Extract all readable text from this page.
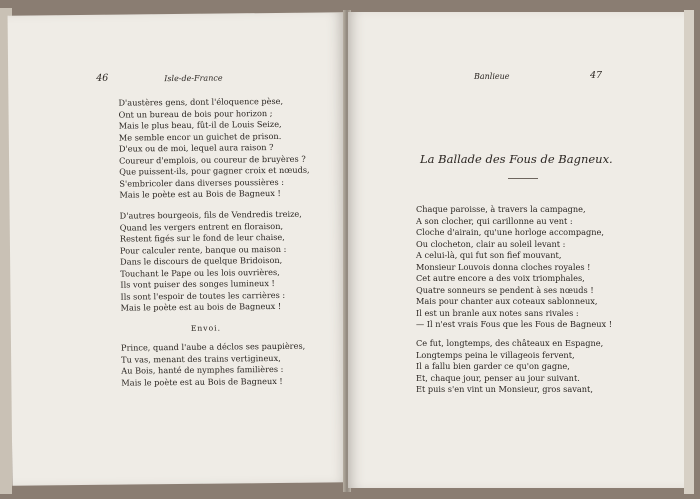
46	Isle-de-France
D'austères gens, dont l'éloquence pèse,
Ont un bureau de bois pour horizon ;
Mais le plus beau, fût-il de Louis Seize,
Me semble encor un guichet de prison.
D'eux ou de moi, lequel aura raison ?
Coureur d'emplois, ou coureur de bruyères ?
Que puissent-ils, pour gagner croix et nœuds,
S'embricoler dans diverses poussières :
Mais le poète est au Bois de Bagneux !
D'autres bourgeois, fils de Vendredis treize,
Quand les vergers entrent en floraison,
Restent figés sur le fond de leur chaise,
Pour calculer rente, banque ou maison :
Dans le discours de quelque Bridoison,
Touchant le Pape ou les lois ouvrières,
Ils vont puiser des songes lumineux !
Ils sont l'espoir de toutes les carrières :
Mais le poète est au bois de Bagneux !
Envoi.
Prince, quand l'aube a déclos ses paupières,
Tu vas, menant des trains vertigineux,
Au Bois, hanté de nymphes familières :
Mais le poète est au Bois de Bagneux !
Banlieue	47
La Ballade des Fous de Bagneux.
Chaque paroisse, à travers la campagne,
A son clocher, qui carillonne au vent :
Cloche d'airain, qu'une horloge accompagne,
Ou clocheton, clair au soleil levant :
A celui-là, qui fut son fief mouvant,
Monsieur Louvois donna cloches royales !
Cet autre encore a des voix triomphales,
Quatre sonneurs se pendent à ses nœuds !
Mais pour chanter aux coteaux sablonneux,
Il est un branle aux notes sans rivales :
— Il n'est vrais Fous que les Fous de Bagneux !
Ce fut, longtemps, des châteaux en Espagne,
Longtemps peina le villageois fervent,
Il a fallu bien garder ce qu'on gagne,
Et, chaque jour, penser au jour suivant.
Et puis s'en vint un Monsieur, gros savant,
